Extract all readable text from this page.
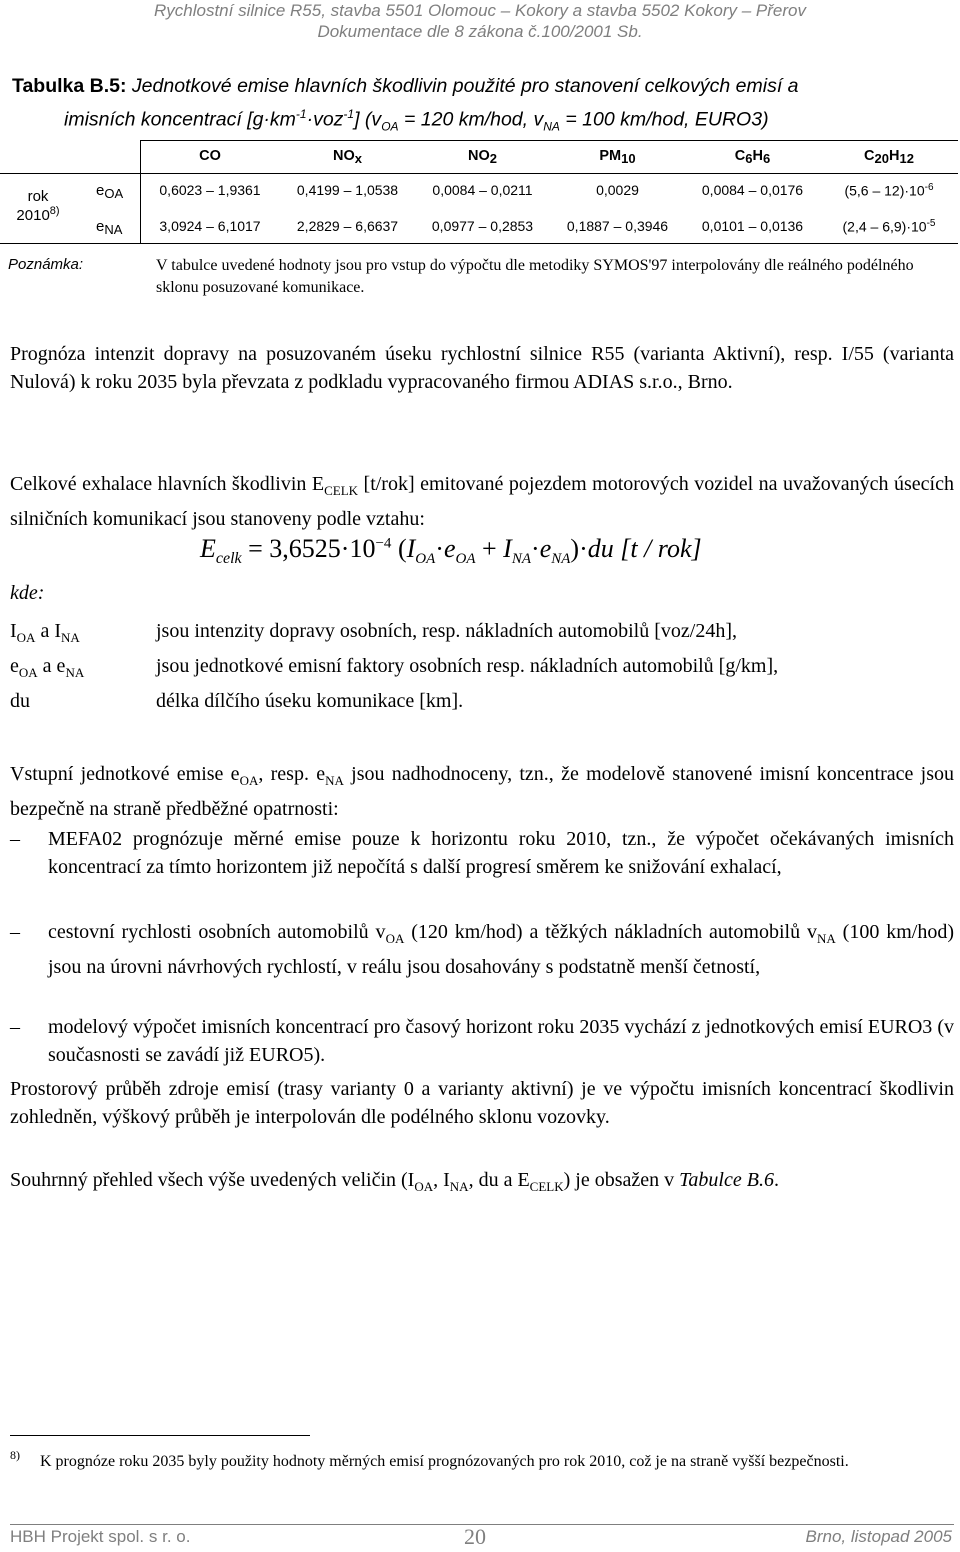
Rychlostní silnice R55, stavba 5501 Olomouc – Kokory a stavba 5502 Kokory – Přerov
Dokumentace dle 8 zákona č.100/2001 Sb.
Tabulka B.5: Jednotkové emise hlavních škodlivin použité pro stanovení celkových emisí a
imisních koncentrací $[g\cdot km^{-1}\cdot voz^{-1}] (v_{OA} = 120$ km/hod, $v_{NA} = 100$ km/hod, EURO3)
CO	$NO_x$	$NO_2$	$PM_{10}$	$C_6H_6$	$C_{20}H_{12}$
rok
2010$^{8)}$
$e_{OA}$	0,6023 – 1,9361	0,4199 – 1,0538	0,0084 – 0,0211	0,0029	0,0084 – 0,0176	$(5,6 - 12)\cdot 10^{-6}$
$e_{NA}$	3,0924 – 6,1017	2,2829 – 6,6637	0,0977 – 0,2853	0,1887 – 0,3946	0,0101 – 0,0136	$(2,4 - 6,9)\cdot 10^{-5}$
Poznámka:	V tabulce uvedené hodnoty jsou pro vstup do výpočtu dle metodiky SYMOS'97 interpolovány dle reálného podélného sklonu posuzované komunikace.
Prognóza intenzit dopravy na posuzovaném úseku rychlostní silnice R55 (varianta Aktivní), resp. I/55 (varianta Nulová) k roku 2035 byla převzata z podkladu vypracovaného firmou ADIAS s.r.o., Brno.
Celkové exhalace hlavních škodlivin $E_{CELK}$ [t/rok] emitované pojezdem motorových vozidel na uvažovaných úsecích silničních komunikací jsou stanoveny podle vztahu:
$E_{celk} = 3,6525\cdot 10^{-4}$ $(I_{OA}\cdot e_{OA} + I_{NA}\cdot e_{NA})\cdot du$ [t / rok]
kde:
$I_{OA}$ a $I_{NA}$	jsou intenzity dopravy osobních, resp. nákladních automobilů [voz/24h],
$e_{OA}$ a $e_{NA}$	jsou jednotkové emisní faktory osobních resp. nákladních automobilů [g/km],
du	délka dílčího úseku komunikace [km].
Vstupní jednotkové emise $e_{OA}$, resp. $e_{NA}$ jsou nadhodnoceny, tzn., že modelově stanovené imisní koncentrace jsou bezpečně na straně předběžné opatrnosti:
–	MEFA02 prognózuje měrné emise pouze k horizontu roku 2010, tzn., že výpočet očekávaných imisních koncentrací za tímto horizontem již nepočítá s další progresí směrem ke snižování exhalací,
–	cestovní rychlosti osobních automobilů $v_{OA}$ (120 km/hod) a těžkých nákladních automobilů $v_{NA}$ (100 km/hod) jsou na úrovni návrhových rychlostí, v reálu jsou dosahovány s podstatně menší četností,
–	modelový výpočet imisních koncentrací pro časový horizont roku 2035 vychází z jednotkových emisí EURO3 (v současnosti se zavádí již EURO5).
Prostorový průběh zdroje emisí (trasy varianty 0 a varianty aktivní) je ve výpočtu imisních koncentrací škodlivin zohledněn, výškový průběh je interpolován dle podélného sklonu vozovky.
Souhrnný přehled všech výše uvedených veličin ($I_{OA}$, $I_{NA}$, du a $E_{CELK}$) je obsažen v Tabulce B.6.
8) K prognóze roku 2035 byly použity hodnoty měrných emisí prognózovaných pro rok 2010, což je na straně vyšší bezpečnosti.
HBH Projekt spol. s r. o.	20	Brno, listopad 2005
